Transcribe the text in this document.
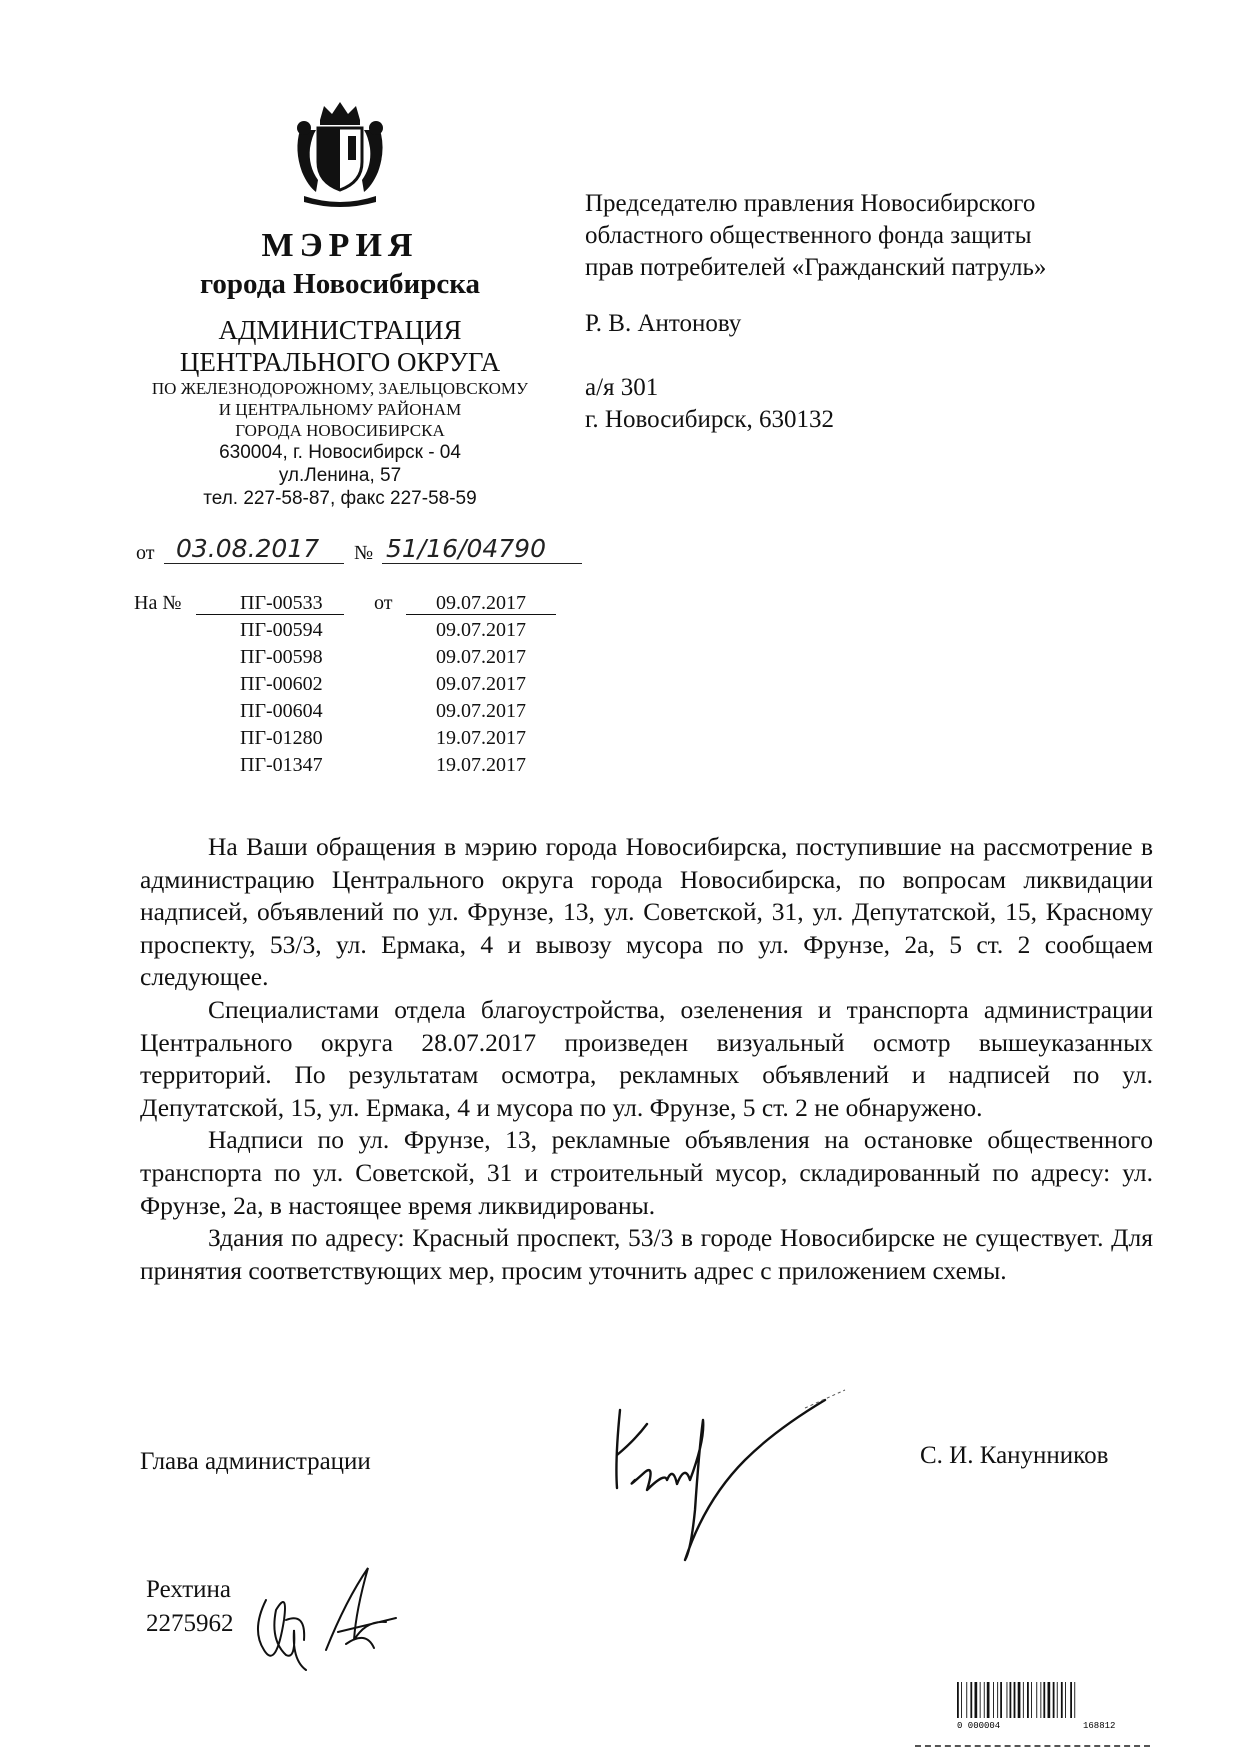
МЭРИЯ
города Новосибирска
АДМИНИСТРАЦИЯ
ЦЕНТРАЛЬНОГО ОКРУГА
ПО ЖЕЛЕЗНОДОРОЖНОМУ, ЗАЕЛЬЦОВСКОМУ
И ЦЕНТРАЛЬНОМУ РАЙОНАМ
ГОРОДА НОВОСИБИРСКА
630004, г. Новосибирск - 04
ул.Ленина, 57
тел. 227-58-87, факс 227-58-59
от 03.08.2017 № 51/16/04790
На №	ПГ-00533	от 09.07.2017
ПГ-00594	09.07.2017
ПГ-00598	09.07.2017
ПГ-00602	09.07.2017
ПГ-00604	09.07.2017
ПГ-01280	19.07.2017
ПГ-01347	19.07.2017

Председателю правления Новосибирского

областного общественного фонда защиты

прав потребителей «Гражданский патруль»

Р. В. Антонову

а/я 301

г. Новосибирск, 630132

На Ваши обращения в мэрию города Новосибирска, поступившие на рассмотрение в администрацию Центрального округа города Новосибирска, по вопросам ликвидации надписей, объявлений по ул. Фрунзе, 13, ул. Советской, 31, ул. Депутатской, 15, Красному проспекту, 53/3, ул. Ермака, 4 и вывозу мусора по ул. Фрунзе, 2а, 5 ст. 2 сообщаем следующее.

Специалистами отдела благоустройства, озеленения и транспорта администрации Центрального округа 28.07.2017 произведен визуальный осмотр вышеуказанных территорий. По результатам осмотра, рекламных объявлений и надписей по ул. Депутатской, 15, ул. Ермака, 4 и мусора по ул. Фрунзе, 5 ст. 2 не обнаружено.

Надписи по ул. Фрунзе, 13, рекламные объявления на остановке общественного транспорта по ул. Советской, 31 и строительный мусор, складированный по адресу: ул. Фрунзе, 2а, в настоящее время ликвидированы.

Здания по адресу: Красный проспект, 53/3 в городе Новосибирске не существует. Для принятия соответствующих мер, просим уточнить адрес с приложением схемы.

Глава администрации	С. И. Канунников
Рехтина
2275962
0 000004	168812
